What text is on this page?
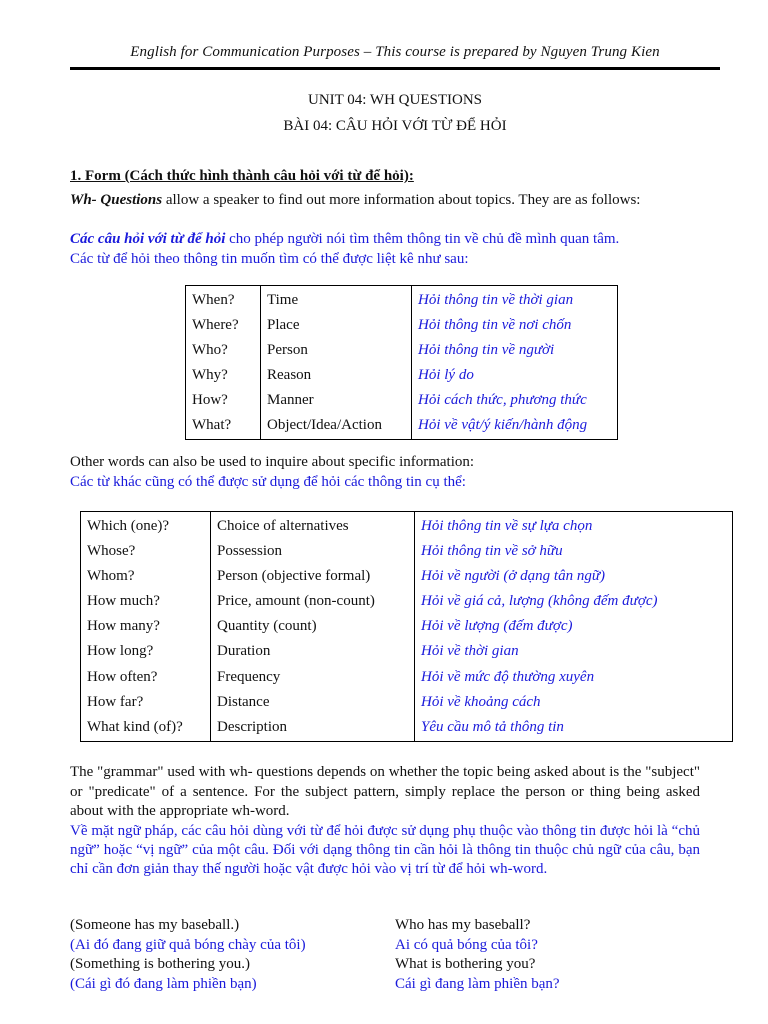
English for Communication Purposes – This course is prepared by Nguyen Trung Kien
UNIT 04: WH QUESTIONS
BÀI 04: CÂU HỎI VỚI TỪ ĐỂ HỎI
1. Form (Cách thức hình thành câu hỏi với từ để hỏi):
Wh- Questions allow a speaker to find out more information about topics. They are as follows:
Các câu hỏi với từ để hỏi cho phép người nói tìm thêm thông tin về chủ đề mình quan tâm.
Các từ để hỏi theo thông tin muốn tìm có thể được liệt kê như sau:
When?	Time	Hỏi thông tin về thời gian
Where?	Place	Hỏi thông tin về nơi chốn
Who?	Person	Hỏi thông tin về người
Why?	Reason	Hỏi lý do
How?	Manner	Hỏi cách thức, phương thức
What?	Object/Idea/Action	Hỏi về vật/ý kiến/hành động
Other words can also be used to inquire about specific information:
Các từ khác cũng có thể được sử dụng để hỏi các thông tin cụ thể:
Which (one)?	Choice of alternatives	Hỏi thông tin về sự lựa chọn
Whose?	Possession	Hỏi thông tin về sở hữu
Whom?	Person (objective formal)	Hỏi về người (ở dạng tân ngữ)
How much?	Price, amount (non-count)	Hỏi về giá cả, lượng (không đếm được)
How many?	Quantity (count)	Hỏi về lượng (đếm được)
How long?	Duration	Hỏi về thời gian
How often?	Frequency	Hỏi về mức độ thường xuyên
How far?	Distance	Hỏi về khoảng cách
What kind (of)?	Description	Yêu cầu mô tả thông tin
The "grammar" used with wh- questions depends on whether the topic being asked about is the "subject" or "predicate" of a sentence. For the subject pattern, simply replace the person or thing being asked about with the appropriate wh-word.
Về mặt ngữ pháp, các câu hỏi dùng với từ để hỏi được sử dụng phụ thuộc vào thông tin được hỏi là “chủ ngữ” hoặc “vị ngữ” của một câu. Đối với dạng thông tin cần hỏi là thông tin thuộc chủ ngữ của câu, bạn chỉ cần đơn giản thay thế người hoặc vật được hỏi vào vị trí từ để hỏi wh-word.
(Someone has my baseball.)	Who has my baseball?
(Ai đó đang giữ quả bóng chày của tôi)	Ai có quả bóng của tôi?
(Something is bothering you.)	What is bothering you?
(Cái gì đó đang làm phiền bạn)	Cái gì đang làm phiền bạn?
